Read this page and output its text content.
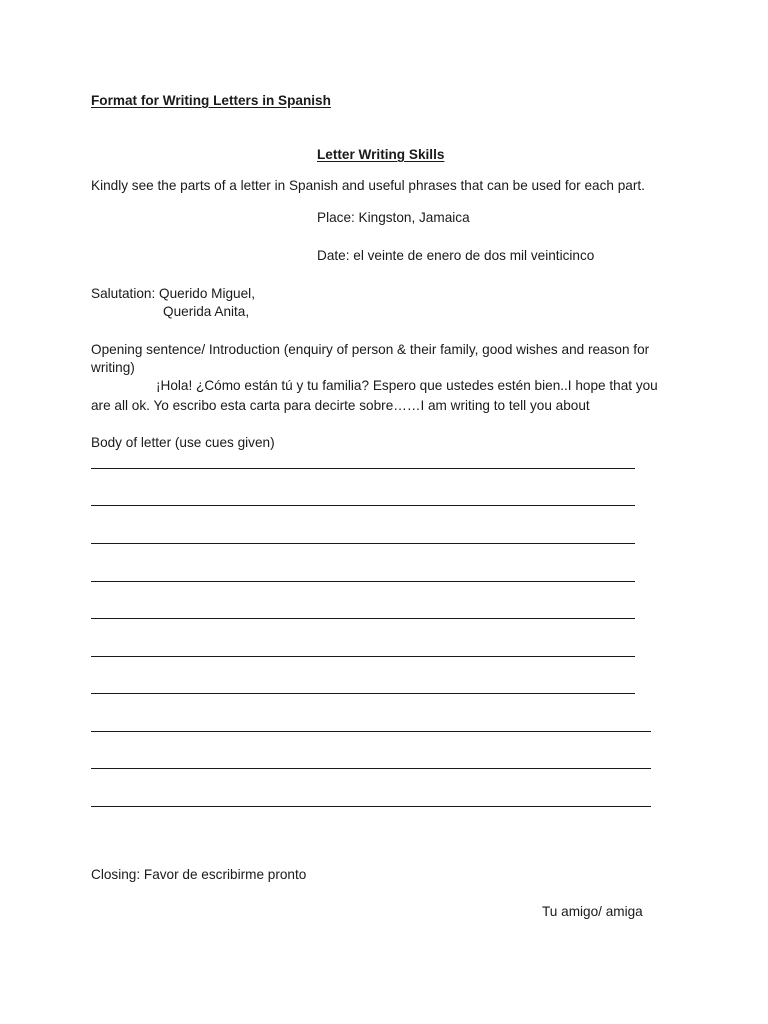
Format for Writing Letters in Spanish
Letter Writing Skills
Kindly see the parts of a letter in Spanish and useful phrases that can be used for each part.
Place: Kingston, Jamaica
Date: el veinte de enero de dos mil veinticinco
Salutation: Querido Miguel,
Querida Anita,
Opening sentence/ Introduction (enquiry of person & their family, good wishes and reason for
writing)
¡Hola! ¿Cómo están tú y tu familia? Espero que ustedes estén bien..I hope that you
are all ok. Yo escribo esta carta para decirte sobre……I am writing to tell you about
Body of letter (use cues given)
Closing: Favor de escribirme pronto
Tu amigo/ amiga
